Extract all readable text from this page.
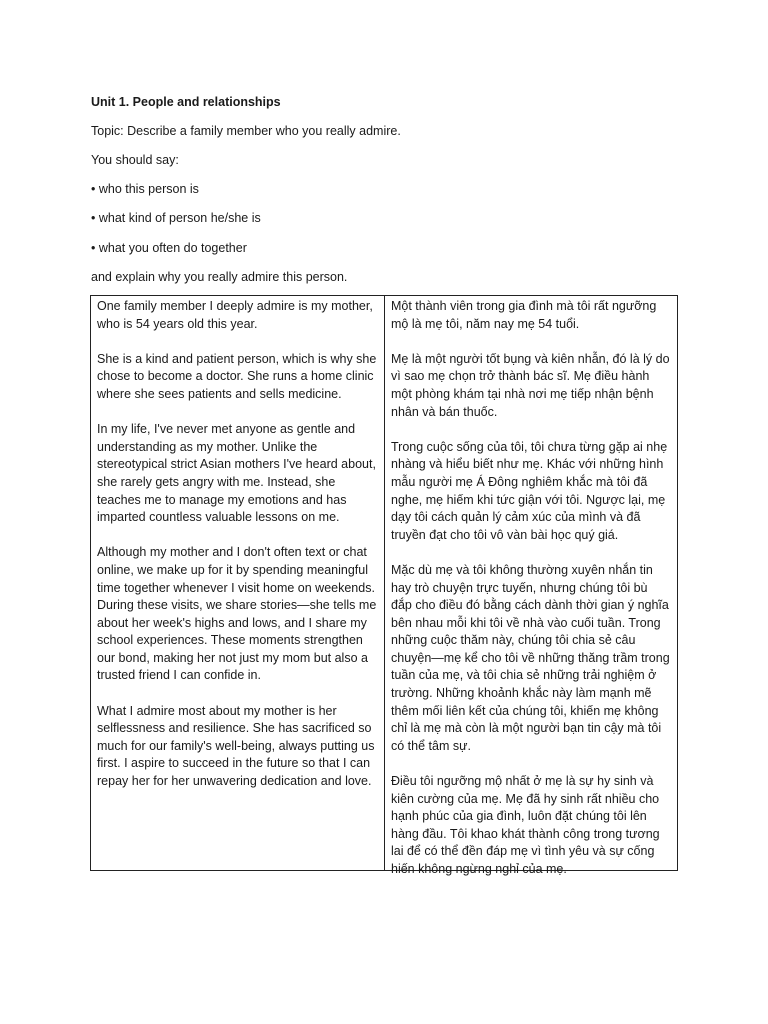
Unit 1. People and relationships
Topic: Describe a family member who you really admire.
You should say:
• who this person is
• what kind of person he/she is
• what you often do together
and explain why you really admire this person.

One family member I deeply admire is my mother, who is 54 years old this year.

She is a kind and patient person, which is why she chose to become a doctor. She runs a home clinic where she sees patients and sells medicine.

In my life, I've never met anyone as gentle and understanding as my mother. Unlike the stereotypical strict Asian mothers I've heard about, she rarely gets angry with me. Instead, she teaches me to manage my emotions and has imparted countless valuable lessons on me.

Although my mother and I don't often text or chat online, we make up for it by spending meaningful time together whenever I visit home on weekends. During these visits, we share stories—she tells me about her week's highs and lows, and I share my school experiences. These moments strengthen our bond, making her not just my mom but also a trusted friend I can confide in.

What I admire most about my mother is her selflessness and resilience. She has sacrificed so much for our family's well-being, always putting us first. I aspire to succeed in the future so that I can repay her for her unwavering dedication and love.

Một thành viên trong gia đình mà tôi rất ngưỡng mộ là mẹ tôi, năm nay mẹ 54 tuổi.

Mẹ là một người tốt bụng và kiên nhẫn, đó là lý do vì sao mẹ chọn trở thành bác sĩ. Mẹ điều hành một phòng khám tại nhà nơi mẹ tiếp nhận bệnh nhân và bán thuốc.

Trong cuộc sống của tôi, tôi chưa từng gặp ai nhẹ nhàng và hiểu biết như mẹ. Khác với những hình mẫu người mẹ Á Đông nghiêm khắc mà tôi đã nghe, mẹ hiếm khi tức giận với tôi. Ngược lại, mẹ dạy tôi cách quản lý cảm xúc của mình và đã truyền đạt cho tôi vô vàn bài học quý giá.

Mặc dù mẹ và tôi không thường xuyên nhắn tin hay trò chuyện trực tuyến, nhưng chúng tôi bù đắp cho điều đó bằng cách dành thời gian ý nghĩa bên nhau mỗi khi tôi về nhà vào cuối tuần. Trong những cuộc thăm này, chúng tôi chia sẻ câu chuyện—mẹ kể cho tôi về những thăng trầm trong tuần của mẹ, và tôi chia sẻ những trải nghiệm ở trường. Những khoảnh khắc này làm mạnh mẽ thêm mối liên kết của chúng tôi, khiến mẹ không chỉ là mẹ mà còn là một người bạn tin cậy mà tôi có thể tâm sự.

Điều tôi ngưỡng mộ nhất ở mẹ là sự hy sinh và kiên cường của mẹ. Mẹ đã hy sinh rất nhiều cho hạnh phúc của gia đình, luôn đặt chúng tôi lên hàng đầu. Tôi khao khát thành công trong tương lai để có thể đền đáp mẹ vì tình yêu và sự cống hiến không ngừng nghỉ của mẹ.
